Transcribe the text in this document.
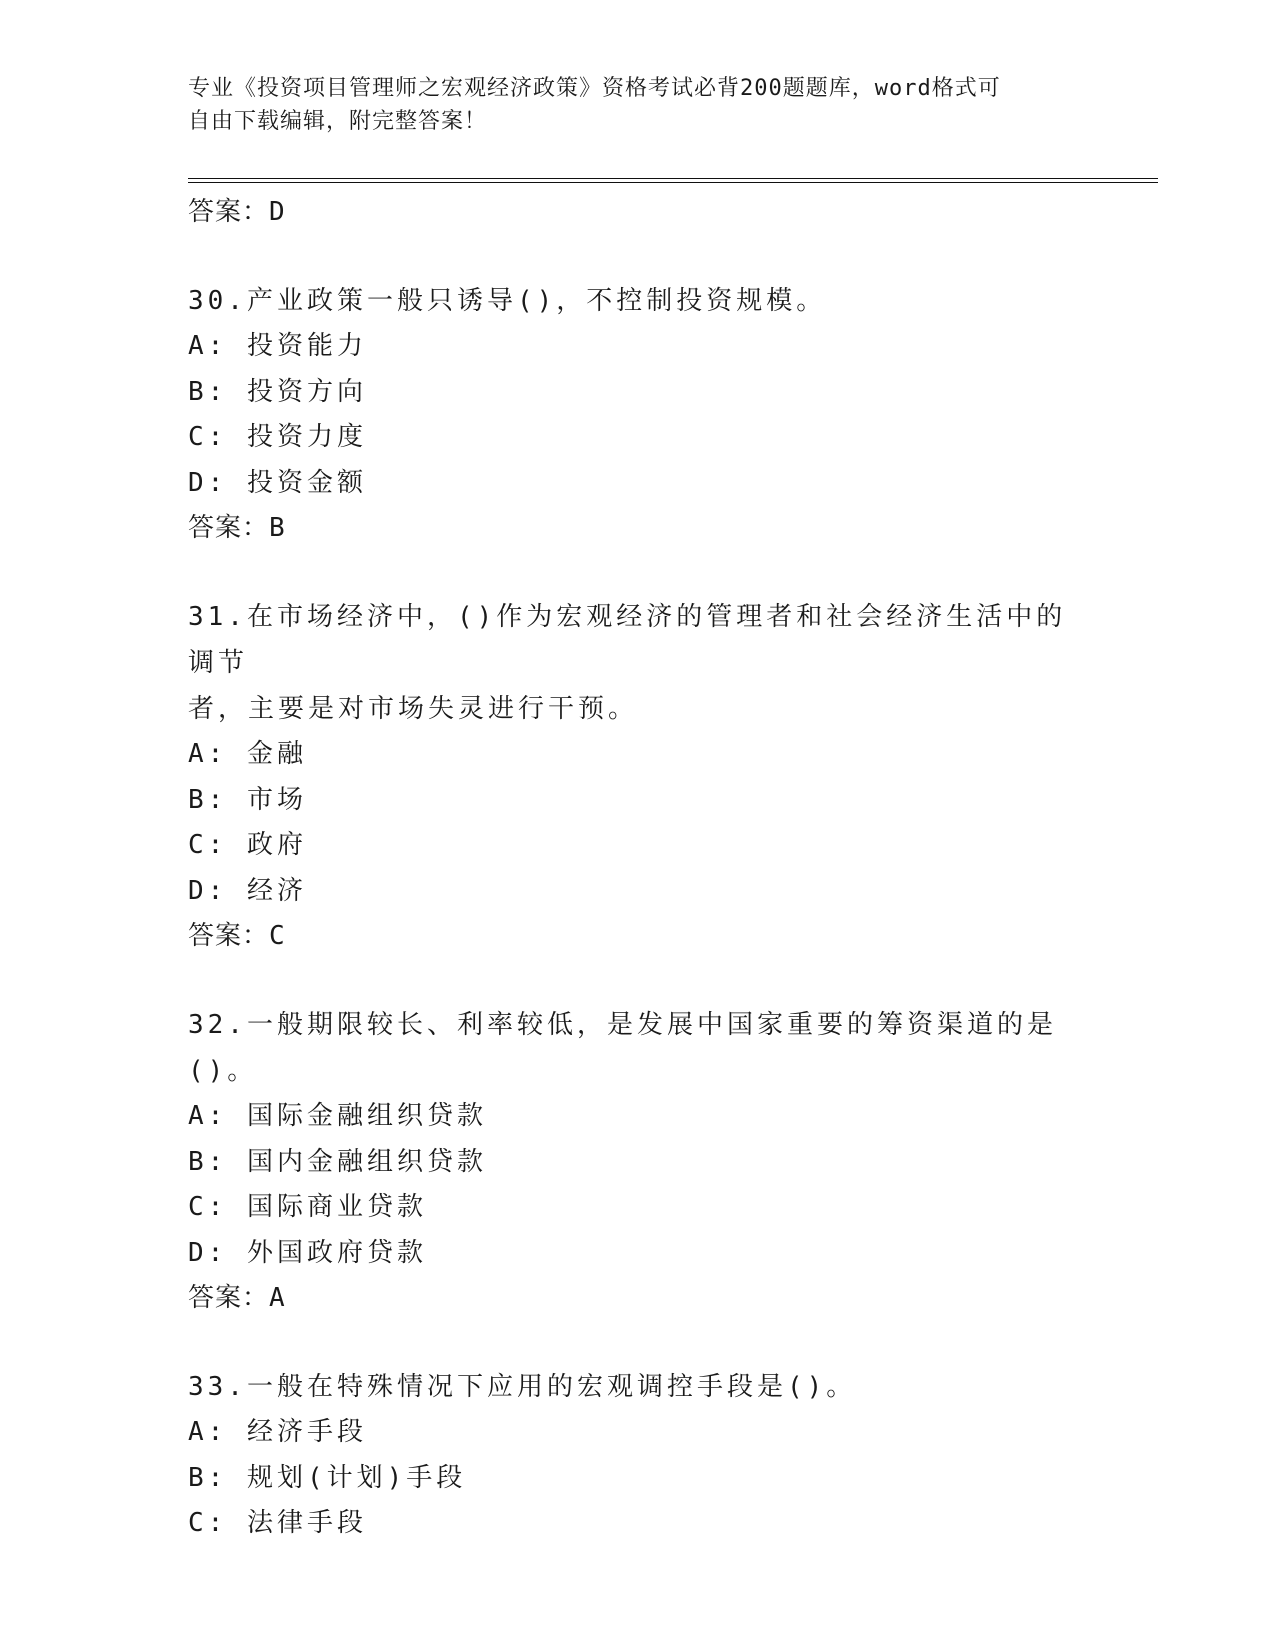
专业《投资项目管理师之宏观经济政策》资格考试必背200题题库，word格式可
自由下载编辑，附完整答案！
答案：D
30.产业政策一般只诱导()，不控制投资规模。
A: 投资能力
B: 投资方向
C: 投资力度
D: 投资金额
答案：B
31.在市场经济中，()作为宏观经济的管理者和社会经济生活中的调节
者，主要是对市场失灵进行干预。
A: 金融
B: 市场
C: 政府
D: 经济
答案：C
32.一般期限较长、利率较低，是发展中国家重要的筹资渠道的是()。
A: 国际金融组织贷款
B: 国内金融组织贷款
C: 国际商业贷款
D: 外国政府贷款
答案：A
33.一般在特殊情况下应用的宏观调控手段是()。
A: 经济手段
B: 规划(计划)手段
C: 法律手段
